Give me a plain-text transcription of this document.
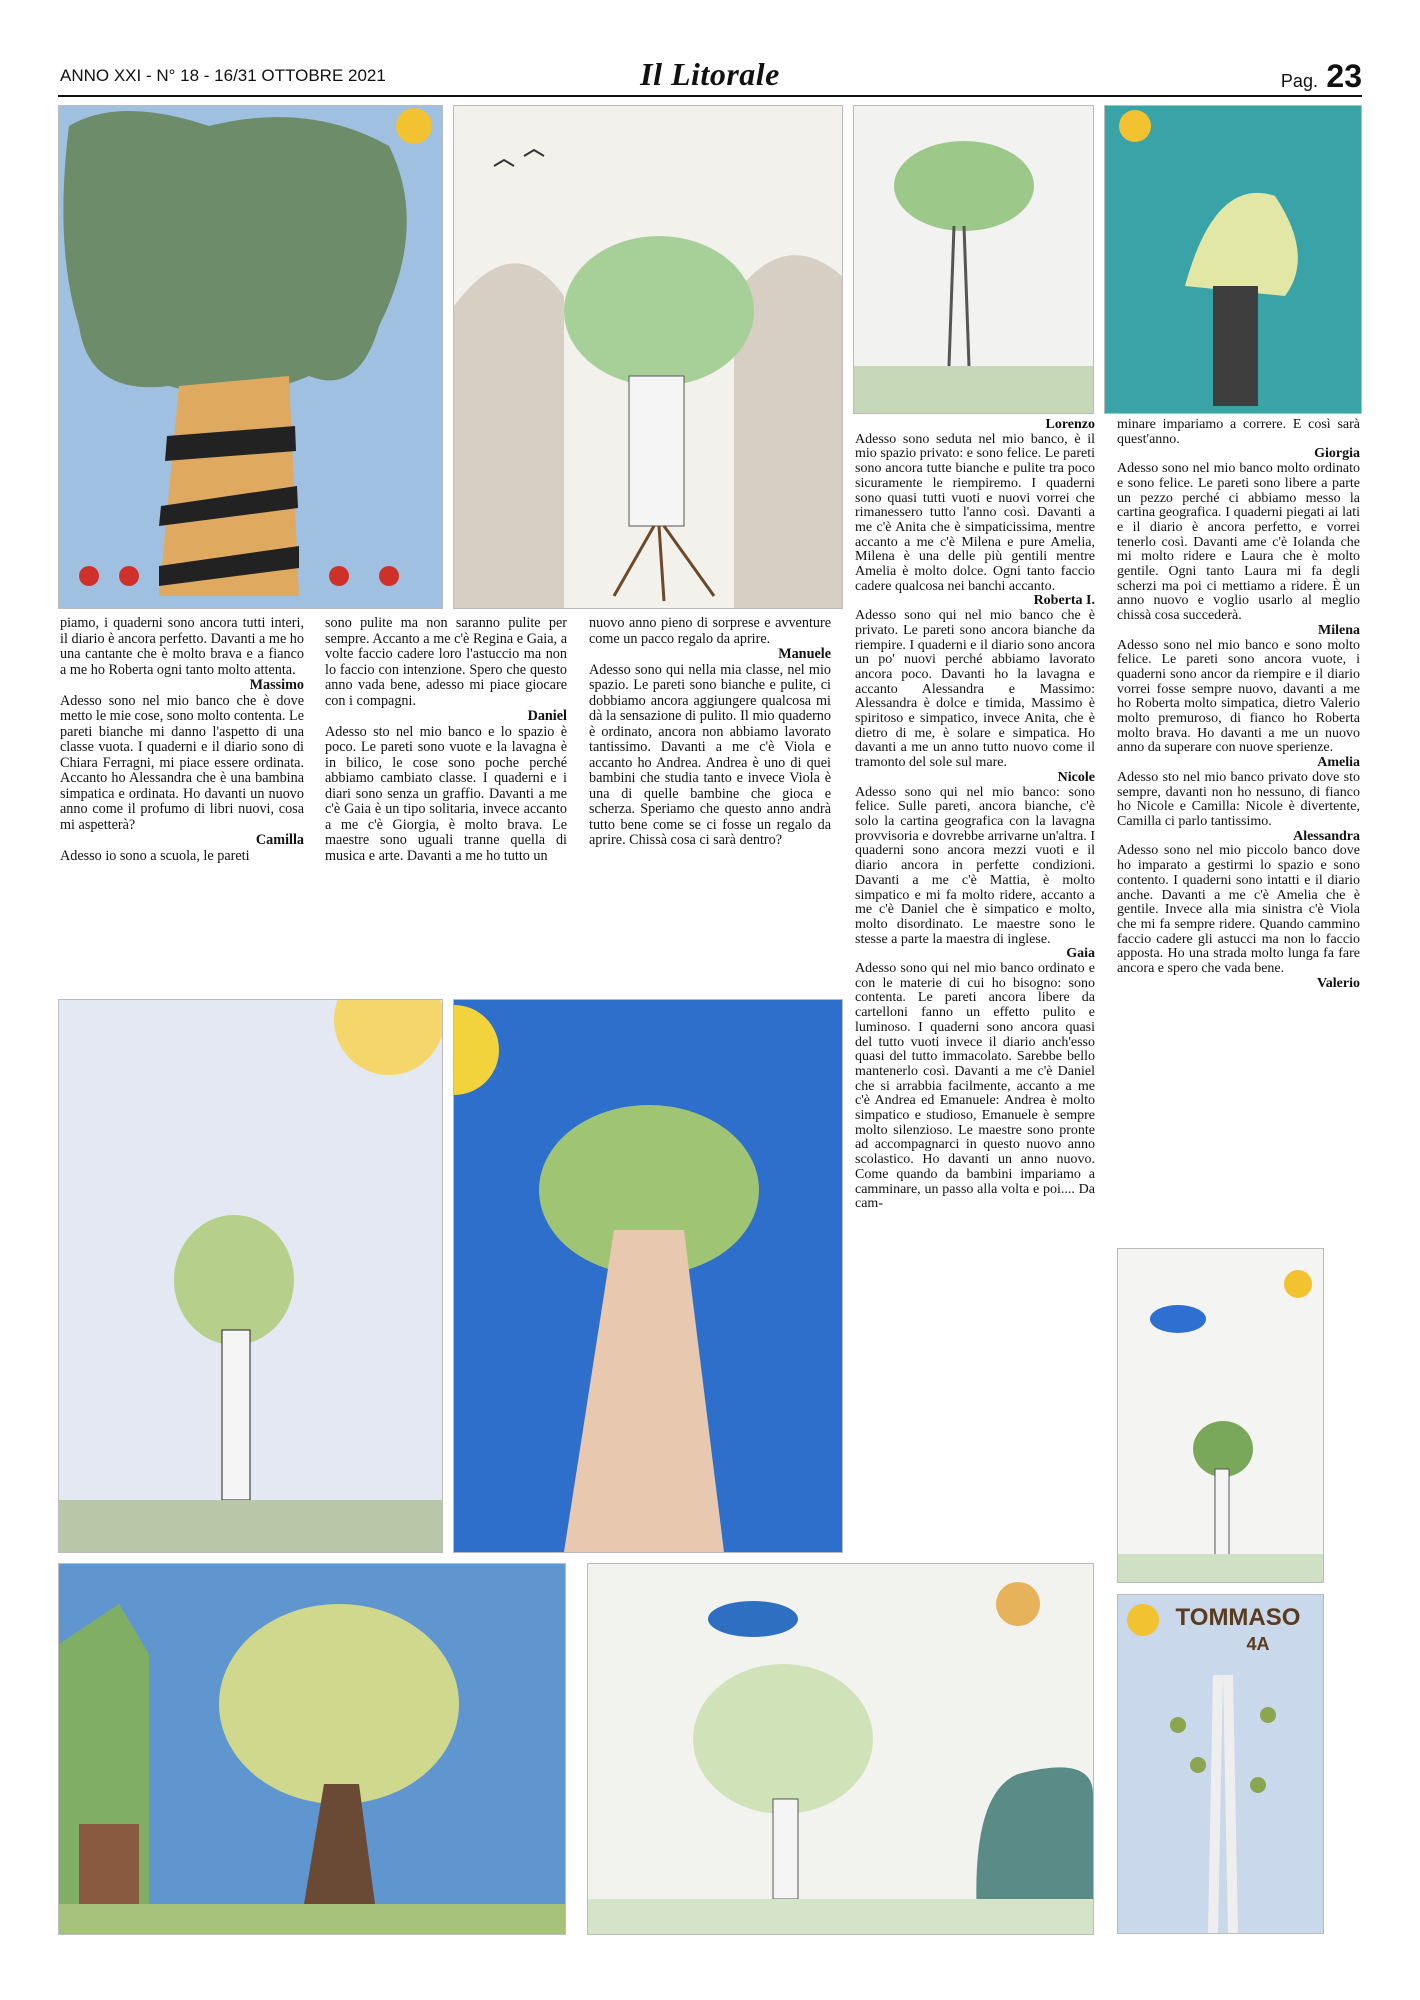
ANNO XXI - N° 18 - 16/31 OTTOBRE 2021	Il Litorale	Pag. 23
TOMMASO
4A

piamo, i quaderni sono ancora tutti interi, il diario è ancora perfetto. Davanti a me ho una cantante che è molto brava e a fianco a me ho Roberta ogni tanto molto attenta.

Massimo

Adesso sono nel mio banco che è dove metto le mie cose, sono molto contenta. Le pareti bianche mi danno l'aspetto di una classe vuota. I quaderni e il diario sono di Chiara Ferragni, mi piace essere ordinata. Accanto ho Alessandra che è una bambina simpatica e ordinata. Ho davanti un nuovo anno come il profumo di libri nuovi, cosa mi aspetterà?

Camilla

Adesso io sono a scuola, le pareti

sono pulite ma non saranno pulite per sempre. Accanto a me c'è Regina e Gaia, a volte faccio cadere loro l'astuccio ma non lo faccio con intenzione. Spero che questo anno vada bene, adesso mi piace giocare con i compagni.

Daniel

Adesso sto nel mio banco e lo spazio è poco. Le pareti sono vuote e la lavagna è in bilico, le cose sono poche perché abbiamo cambiato classe. I quaderni e i diari sono senza un graffio. Davanti a me c'è Gaia è un tipo solitaria, invece accanto a me c'è Giorgia, è molto brava. Le maestre sono uguali tranne quella di musica e arte. Davanti a me ho tutto un

nuovo anno pieno di sorprese e avventure come un pacco regalo da aprire.

Manuele

Adesso sono qui nella mia classe, nel mio spazio. Le pareti sono bianche e pulite, ci dobbiamo ancora aggiungere qualcosa mi dà la sensazione di pulito. Il mio quaderno è ordinato, ancora non abbiamo lavorato tantissimo. Davanti a me c'è Viola e accanto ho Andrea. Andrea è uno di quei bambini che studia tanto e invece Viola è una di quelle bambine che gioca e scherza. Speriamo che questo anno andrà tutto bene come se ci fosse un regalo da aprire. Chissà cosa ci sarà dentro?

Lorenzo

Adesso sono seduta nel mio banco, è il mio spazio privato: e sono felice. Le pareti sono ancora tutte bianche e pulite tra poco sicuramente le riempiremo. I quaderni sono quasi tutti vuoti e nuovi vorrei che rimanessero tutto l'anno così. Davanti a me c'è Anita che è simpaticissima, mentre accanto a me c'è Milena e pure Amelia, Milena è una delle più gentili mentre Amelia è molto dolce. Ogni tanto faccio cadere qualcosa nei banchi accanto.

Roberta I.

Adesso sono qui nel mio banco che è privato. Le pareti sono ancora bianche da riempire. I quaderni e il diario sono ancora un po' nuovi perché abbiamo lavorato ancora poco. Davanti ho la lavagna e accanto Alessandra e Massimo: Alessandra è dolce e timida, Massimo è spiritoso e simpatico, invece Anita, che è dietro di me, è solare e simpatica. Ho davanti a me un anno tutto nuovo come il tramonto del sole sul mare.

Nicole

Adesso sono qui nel mio banco: sono felice. Sulle pareti, ancora bianche, c'è solo la cartina geografica con la lavagna provvisoria e dovrebbe arrivarne un'altra. I quaderni sono ancora mezzi vuoti e il diario ancora in perfette condizioni. Davanti a me c'è Mattia, è molto simpatico e mi fa molto ridere, accanto a me c'è Daniel che è simpatico e molto, molto disordinato. Le maestre sono le stesse a parte la maestra di inglese.

Gaia

Adesso sono qui nel mio banco ordinato e con le materie di cui ho bisogno: sono contenta. Le pareti ancora libere da cartelloni fanno un effetto pulito e luminoso. I quaderni sono ancora quasi del tutto vuoti invece il diario anch'esso quasi del tutto immacolato. Sarebbe bello mantenerlo così. Davanti a me c'è Daniel che si arrabbia facilmente, accanto a me c'è Andrea ed Emanuele: Andrea è molto simpatico e studioso, Emanuele è sempre molto silenzioso. Le maestre sono pronte ad accompagnarci in questo nuovo anno scolastico. Ho davanti un anno nuovo. Come quando da bambini impariamo a camminare, un passo alla volta e poi.... Da cam-

minare impariamo a correre. E così sarà quest'anno.

Giorgia

Adesso sono nel mio banco molto ordinato e sono felice. Le pareti sono libere a parte un pezzo perché ci abbiamo messo la cartina geografica. I quaderni piegati ai lati e il diario è ancora perfetto, e vorrei tenerlo così. Davanti ame c'è Iolanda che mi molto ridere e Laura che è molto gentile. Ogni tanto Laura mi fa degli scherzi ma poi ci mettiamo a ridere. È un anno nuovo e voglio usarlo al meglio chissà cosa succederà.

Milena

Adesso sono nel mio banco e sono molto felice. Le pareti sono ancora vuote, i quaderni sono ancor da riempire e il diario vorrei fosse sempre nuovo, davanti a me ho Roberta molto simpatica, dietro Valerio molto premuroso, di fianco ho Roberta molto brava. Ho davanti a me un nuovo anno da superare con nuove sperienze.

Amelia

Adesso sto nel mio banco privato dove sto sempre, davanti non ho nessuno, di fianco ho Nicole e Camilla: Nicole è divertente, Camilla ci parlo tantissimo.

Alessandra

Adesso sono nel mio piccolo banco dove ho imparato a gestirmi lo spazio e sono contento. I quaderni sono intatti e il diario anche. Davanti a me c'è Amelia che è gentile. Invece alla mia sinistra c'è Viola che mi fa sempre ridere. Quando cammino faccio cadere gli astucci ma non lo faccio apposta. Ho una strada molto lunga fa fare ancora e spero che vada bene.

Valerio
